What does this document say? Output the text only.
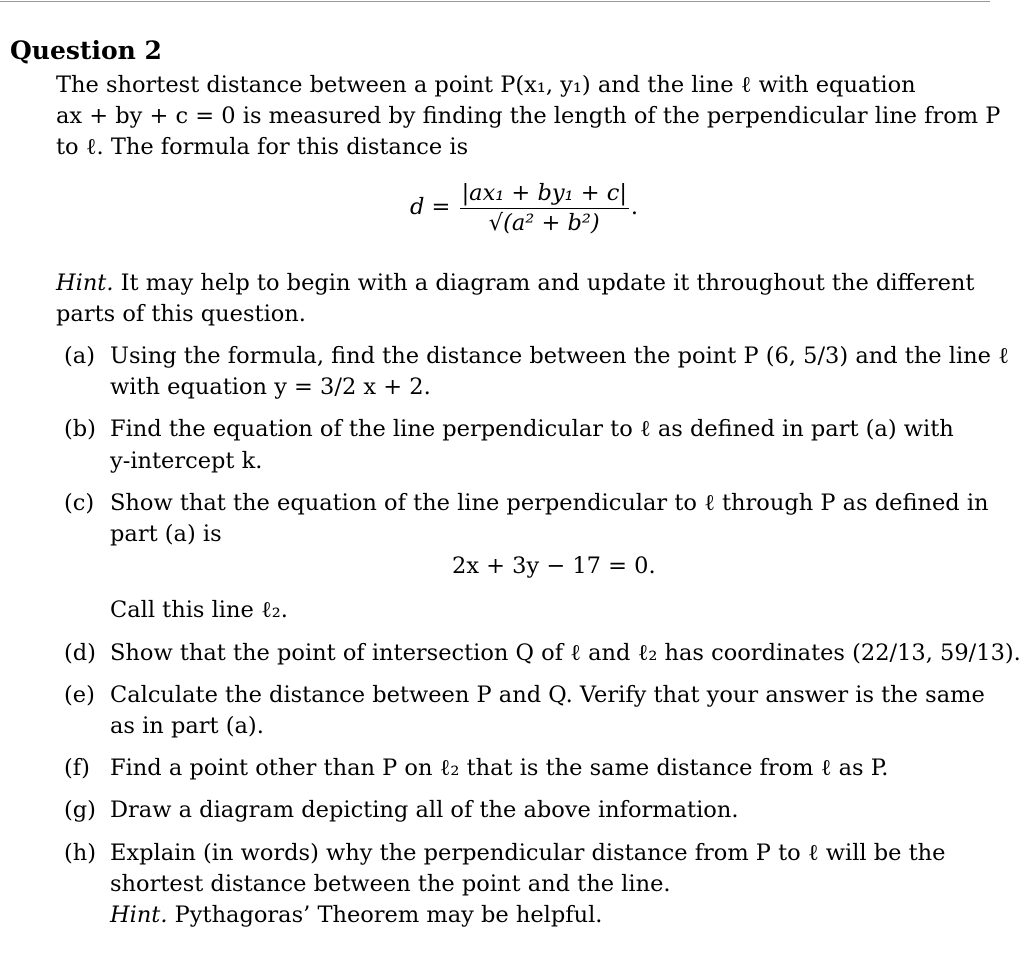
Question 2
The shortest distance between a point P(x₁, y₁) and the line ℓ with equation
ax + by + c = 0 is measured by finding the length of the perpendicular line from P
to ℓ. The formula for this distance is
$d = \frac{\text{|ax₁ + by₁ + c|}}{\text{√(a² + b²)}}$ .
Hint. It may help to begin with a diagram and update it throughout the different
parts of this question.
(a) Using the formula, find the distance between the point P (6, 5/3) and the line ℓ
with equation y = 3/2 x + 2.
(b) Find the equation of the line perpendicular to ℓ as defined in part (a) with
y-intercept k.
(c) Show that the equation of the line perpendicular to ℓ through P as defined in
part (a) is
2x + 3y − 17 = 0.
Call this line ℓ₂.
(d) Show that the point of intersection Q of ℓ and ℓ₂ has coordinates (22/13, 59/13).
(e) Calculate the distance between P and Q. Verify that your answer is the same
as in part (a).
(f) Find a point other than P on ℓ₂ that is the same distance from ℓ as P.
(g) Draw a diagram depicting all of the above information.
(h) Explain (in words) why the perpendicular distance from P to ℓ will be the
shortest distance between the point and the line.
Hint. Pythagoras’ Theorem may be helpful.
